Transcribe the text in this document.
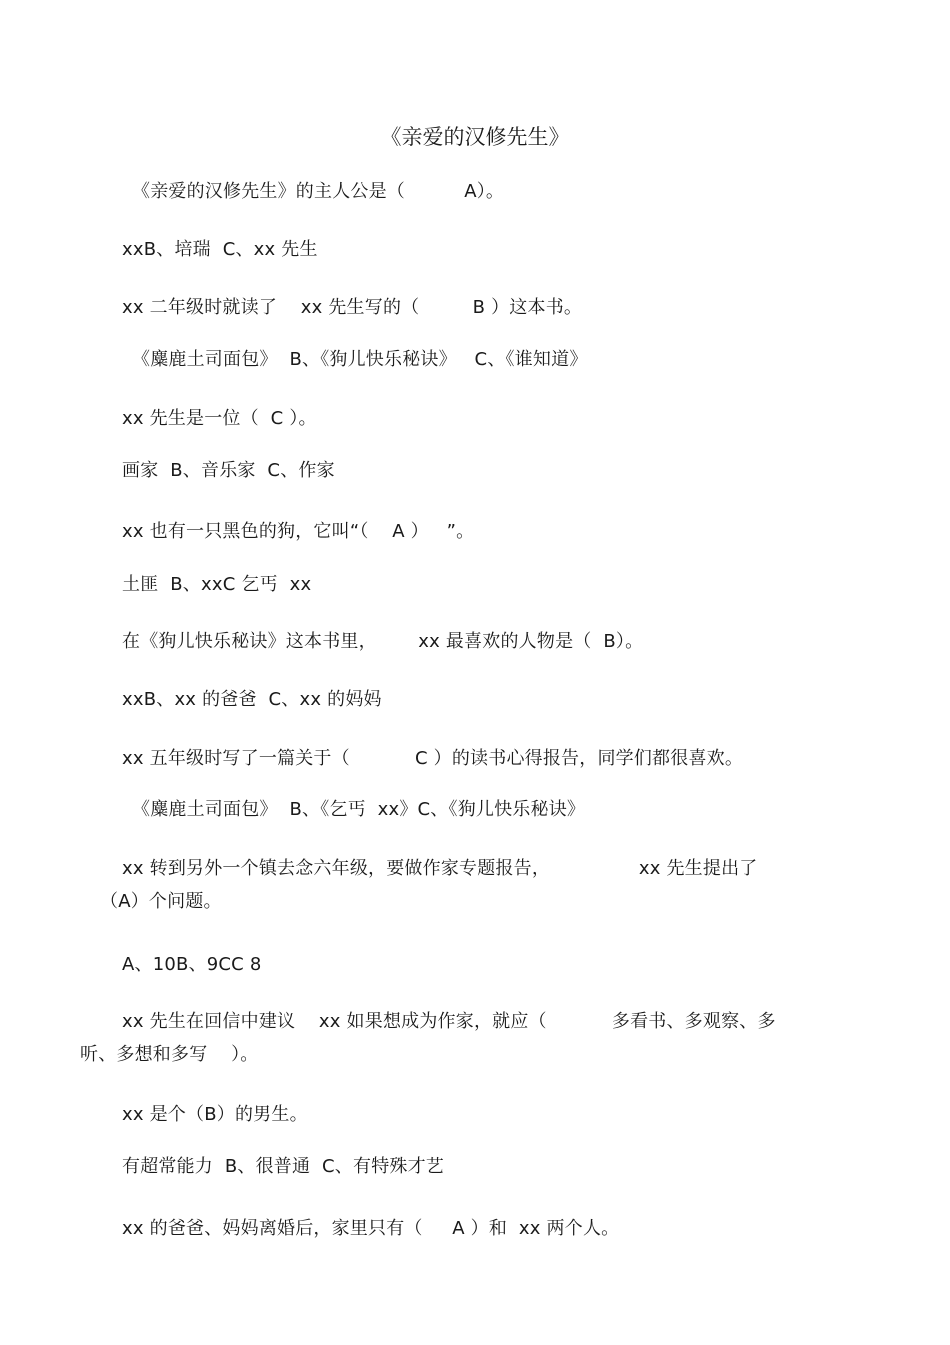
《亲爱的汉修先生》
《亲爱的汉修先生》的主人公是（          A）。
xxB、培瑞  C、xx 先生
xx 二年级时就读了    xx 先生写的（         B ）这本书。
《麋鹿土司面包》  B、《狗儿快乐秘诀》   C、《谁知道》
xx 先生是一位（  C ）。
画家  B、音乐家  C、作家
xx 也有一只黑色的狗，它叫“（    A ）   ”。
土匪  B、xxC 乞丐  xx
在《狗儿快乐秘诀》这本书里，       xx 最喜欢的人物是（  B）。
xxB、xx 的爸爸  C、xx 的妈妈
xx 五年级时写了一篇关于（           C ）的读书心得报告，同学们都很喜欢。
《麋鹿土司面包》  B、《乞丐  xx》C、《狗儿快乐秘诀》
xx 转到另外一个镇去念六年级，要做作家专题报告，               xx 先生提出了
（A）个问题。
A、10B、9CC 8
xx 先生在回信中建议    xx 如果想成为作家，就应（           多看书、多观察、多
听、多想和多写    ）。
xx 是个（B）的男生。
有超常能力  B、很普通  C、有特殊才艺
xx 的爸爸、妈妈离婚后，家里只有（     A ）和  xx 两个人。
